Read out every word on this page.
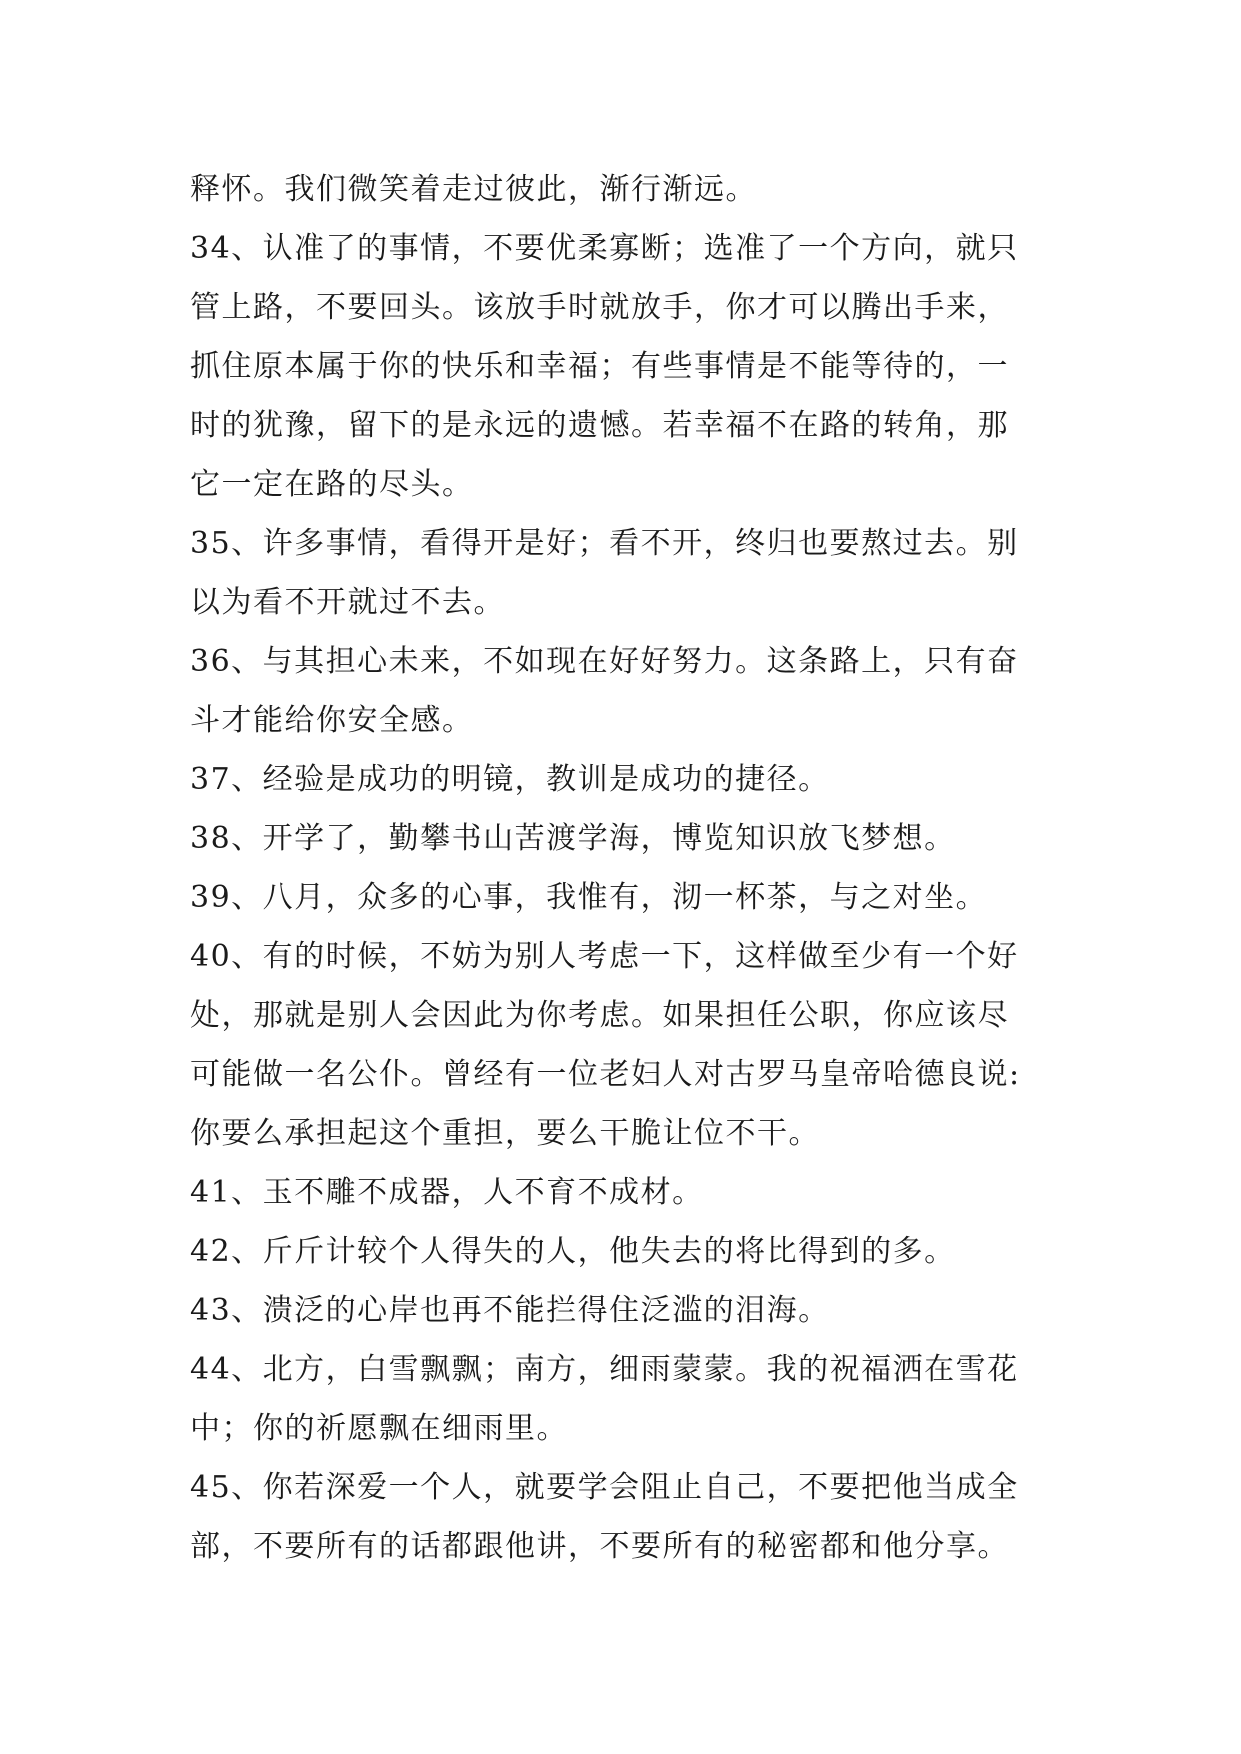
释怀。我们微笑着走过彼此，渐行渐远。
34、认准了的事情，不要优柔寡断；选准了一个方向，就只
管上路，不要回头。该放手时就放手，你才可以腾出手来，
抓住原本属于你的快乐和幸福；有些事情是不能等待的，一
时的犹豫，留下的是永远的遗憾。若幸福不在路的转角，那
它一定在路的尽头。
35、许多事情，看得开是好；看不开，终归也要熬过去。别
以为看不开就过不去。
36、与其担心未来，不如现在好好努力。这条路上，只有奋
斗才能给你安全感。
37、经验是成功的明镜，教训是成功的捷径。
38、开学了，勤攀书山苦渡学海，博览知识放飞梦想。
39、八月，众多的心事，我惟有，沏一杯茶，与之对坐。
40、有的时候，不妨为别人考虑一下，这样做至少有一个好
处，那就是别人会因此为你考虑。如果担任公职，你应该尽
可能做一名公仆。曾经有一位老妇人对古罗马皇帝哈德良说:
你要么承担起这个重担，要么干脆让位不干。
41、玉不雕不成器，人不育不成材。
42、斤斤计较个人得失的人，他失去的将比得到的多。
43、溃泛的心岸也再不能拦得住泛滥的泪海。
44、北方，白雪飘飘；南方，细雨蒙蒙。我的祝福洒在雪花
中；你的祈愿飘在细雨里。
45、你若深爱一个人，就要学会阻止自己，不要把他当成全
部，不要所有的话都跟他讲，不要所有的秘密都和他分享。
